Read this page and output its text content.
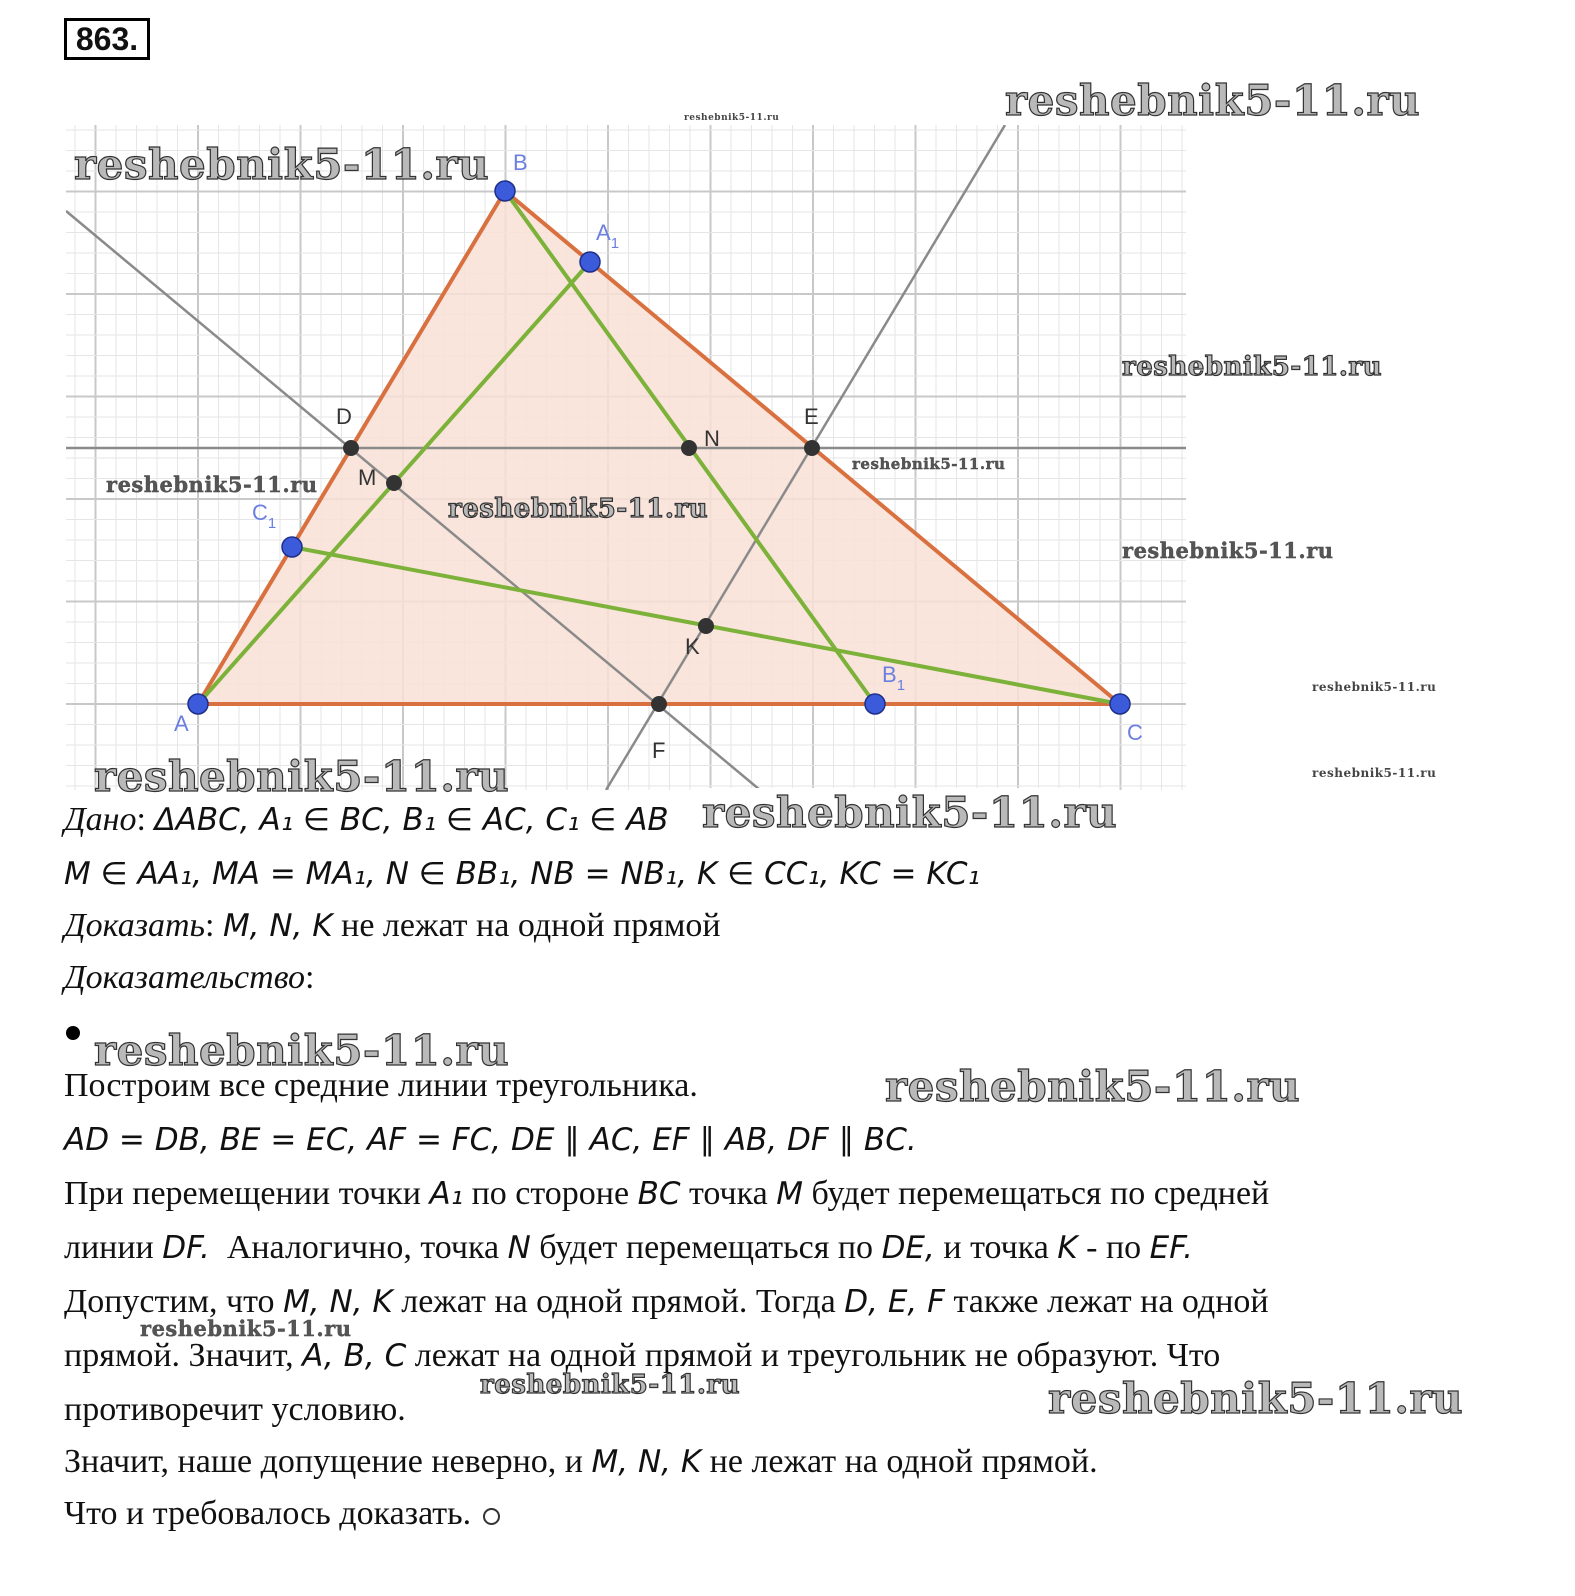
863.
A
B
C
$A_1$
$B_1$
$C_1$
D	E
F
M
N
K
reshebnik5-11.ru
reshebnik5-11.ru
reshebnik5-11.ru
reshebnik5-11.ru
reshebnik5-11.ru
reshebnik5-11.ru
reshebnik5-11.ru
reshebnik5-11.ru
reshebnik5-11.ru
reshebnik5-11.ru
reshebnik5-11.ru
Дано: ΔABC, A₁ ∈ BC, B₁ ∈ AC, C₁ ∈ AB reshebnik5-11.ru
M ∈ AA₁, MA = MA₁, N ∈ BB₁, NB = NB₁, K ∈ CC₁, KC = KC₁
Доказать: M, N, K не лежат на одной прямой
Доказательство:
reshebnik5-11.ru
Построим все средние линии треугольника.	reshebnik5-11.ru
AD = DB, BE = EC, AF = FC, DE ∥ AC, EF ∥ AB, DF ∥ BC.
При перемещении точки A₁ по стороне BC точка M будет перемещаться по средней
линии DF. Аналогично, точка N будет перемещаться по DE, и точка K - по EF.
Допустим, что M, N, K лежат на одной прямой. Тогда D, E, F также лежат на одной
reshebnik5-11.ru
прямой. Значит, A, B, C лежат на одной прямой и треугольник не образуют. Что
reshebnik5-11.ru
противоречит условию.	reshebnik5-11.ru
Значит, наше допущение неверно, и M, N, K не лежат на одной прямой.
Что и требовалось доказать.
